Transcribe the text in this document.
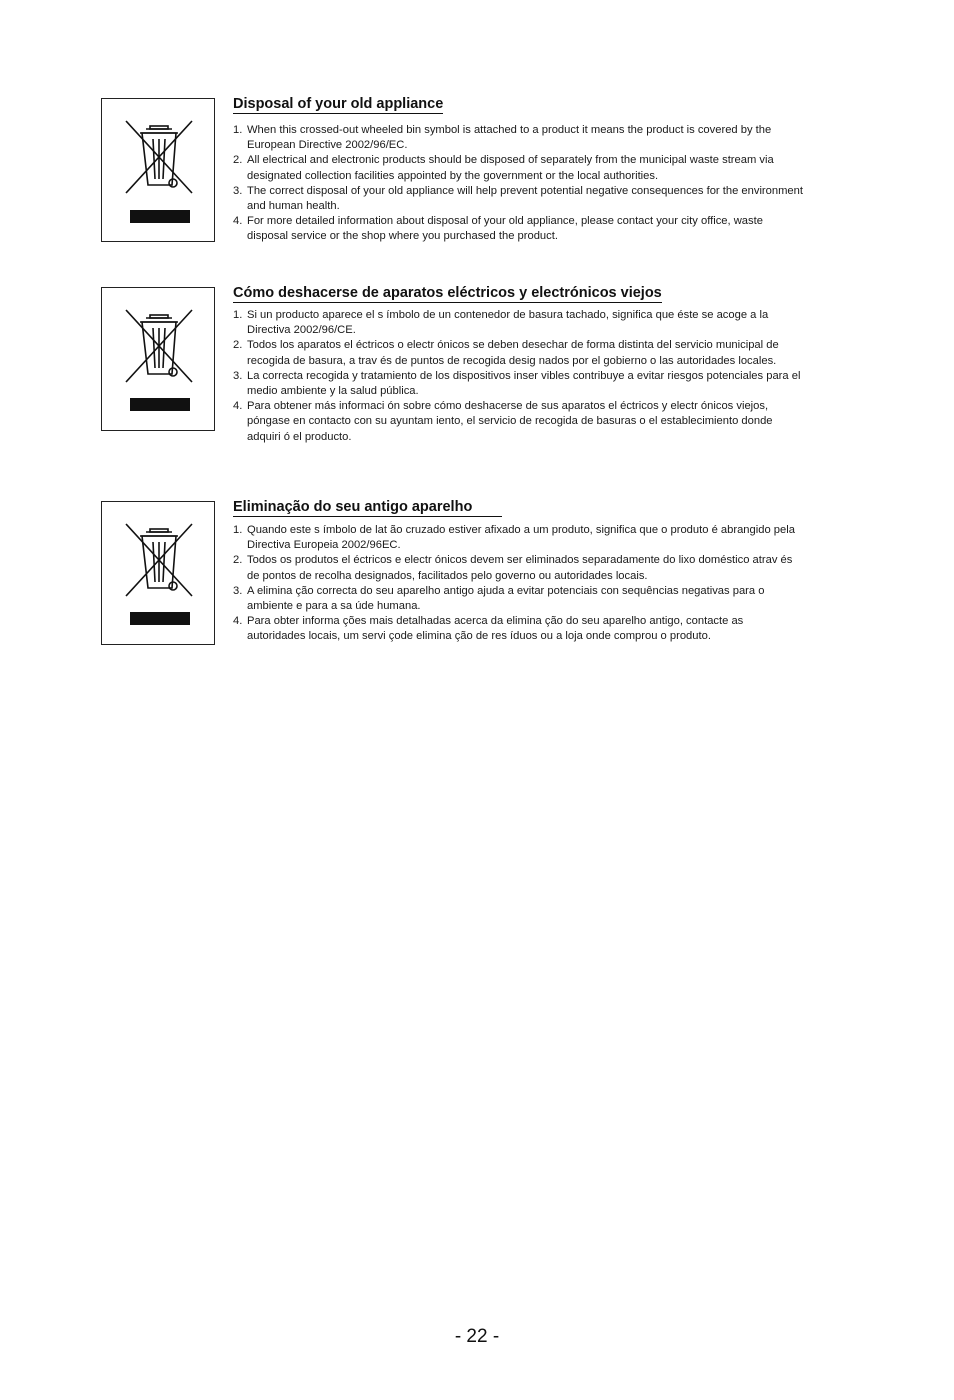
Disposal of your old appliance
1. When this crossed-out wheeled bin symbol is attached to a product it means the product is covered by the European Directive 2002/96/EC.
2. All electrical and electronic products should be disposed of separately from the municipal waste stream via designated collection facilities appointed by the government or the local authorities.
3. The correct disposal of your old appliance will help prevent potential negative consequences for the environment and human health.
4. For more detailed information about disposal of your old appliance, please contact your city office, waste disposal service or the shop where you purchased the product.
Cómo deshacerse de aparatos eléctricos y electrónicos viejos
1. Si un producto aparece el s ímbolo de un contenedor de basura tachado, significa que éste se acoge a la Directiva 2002/96/CE.
2. Todos los aparatos el éctricos o electr ónicos se deben desechar de forma distinta del servicio municipal de recogida de basura, a trav és de puntos de recogida desig nados por el gobierno o las autoridades locales.
3. La correcta recogida y tratamiento de los dispositivos inser vibles contribuye a evitar riesgos potenciales para el medio ambiente y la salud pública.
4. Para obtener más informaci ón sobre cómo deshacerse de sus aparatos el éctricos y electr ónicos viejos, póngase en contacto con su ayuntam iento, el servicio de recogida de basuras o el establecimiento donde adquiri ó el producto.
Eliminação do seu antigo aparelho
1. Quando este s ímbolo de lat ão cruzado estiver afixado a um produto, significa que o produto é abrangido pela Directiva Europeia 2002/96EC.
2. Todos os produtos el éctricos e electr ónicos devem ser eliminados separadamente do lixo doméstico atrav és de pontos de recolha designados, facilitados pelo governo ou autoridades locais.
3. A elimina ção correcta do seu aparelho antigo ajuda a evitar potenciais con sequências negativas para o ambiente e para a sa úde humana.
4. Para obter informa ções mais detalhadas acerca da elimina ção do seu aparelho antigo, contacte as autoridades locais, um servi çode elimina ção de res íduos ou a loja onde comprou o produto.
- 22 -
